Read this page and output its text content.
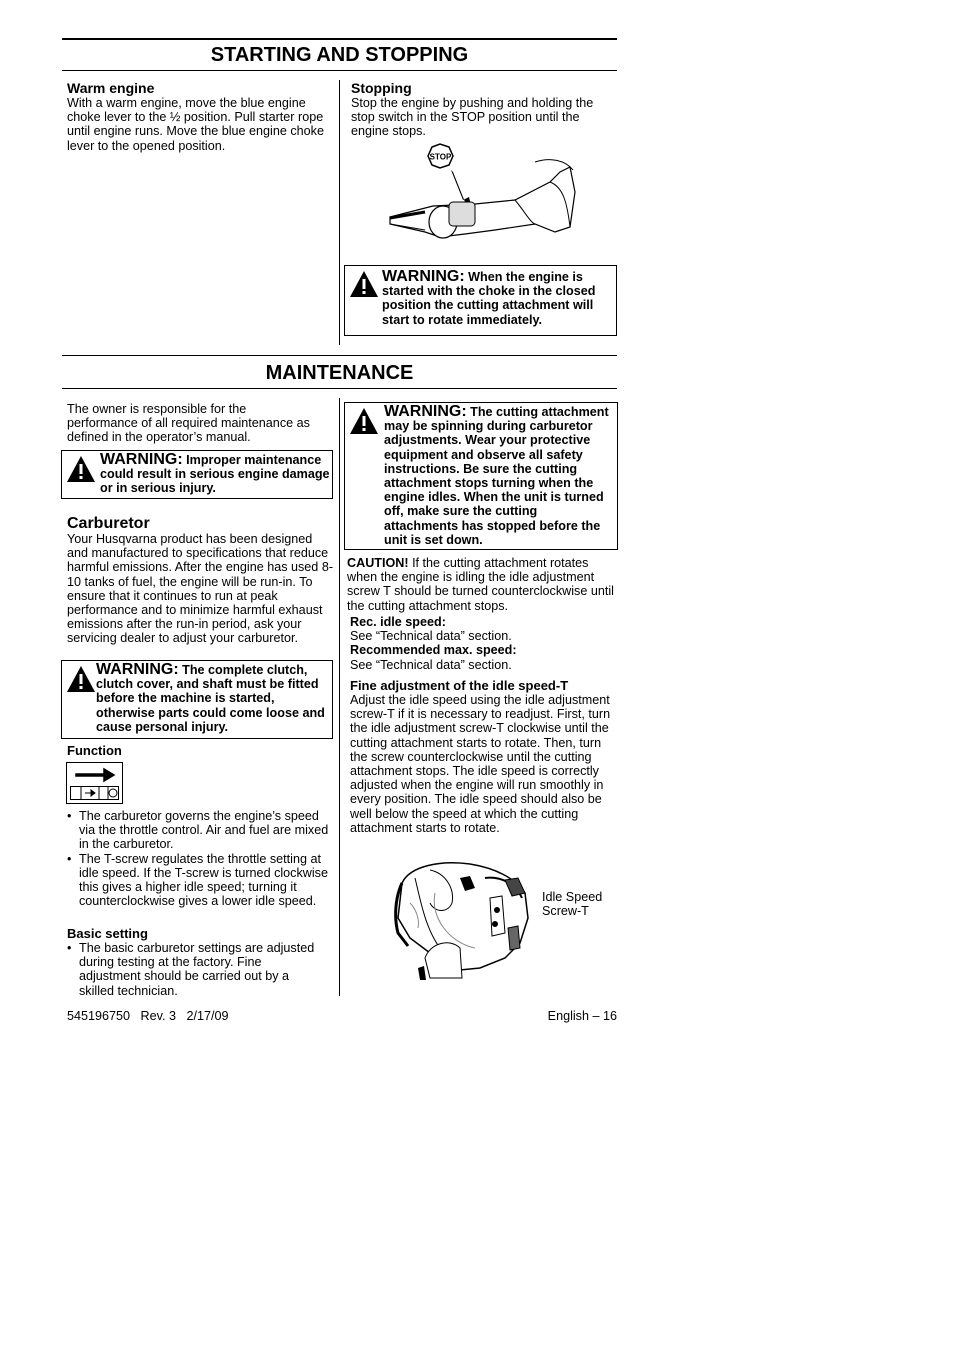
STARTING AND STOPPING
Warm engine

With a warm engine, move the blue engine choke lever to the ½ position. Pull starter rope until engine runs. Move the blue engine choke lever to the opened position.

Stopping

Stop the engine by pushing and holding the stop switch in the STOP position until the engine stops.

STOP
WARNING: When the engine is started with the choke in the closed position the cutting attachment will start to rotate immediately.
MAINTENANCE

The owner is responsible for the performance of all required maintenance as defined in the operator’s manual.

WARNING: Improper maintenance could result in serious engine damage or in serious injury.
Carburetor

Your Husqvarna product has been designed and manufactured to specifications that reduce harmful emissions. After the engine has used 8-10 tanks of fuel, the engine will be run-in. To ensure that it continues to run at peak performance and to minimize harmful exhaust emissions after the run-in period, ask your servicing dealer to adjust your carburetor.

WARNING: The complete clutch, clutch cover, and shaft must be fitted before the machine is started, otherwise parts could come loose and cause personal injury.
Function
• The carburetor governs the engine’s speed via the throttle control. Air and fuel are mixed in the carburetor.
• The T-screw regulates the throttle setting at idle speed. If the T-screw is turned clockwise this gives a higher idle speed; turning it counterclockwise gives a lower idle speed.
Basic setting
• The basic carburetor settings are adjusted during testing at the factory. Fine adjustment should be carried out by a skilled technician.
WARNING: The cutting attachment may be spinning during carburetor adjustments. Wear your protective equipment and observe all safety instructions. Be sure the cutting attachment stops turning when the engine idles. When the unit is turned off, make sure the cutting attachments has stopped before the unit is set down.

CAUTION! If the cutting attachment rotates when the engine is idling the idle adjustment screw T should be turned counterclockwise until the cutting attachment stops.

Rec. idle speed:
See “Technical data” section.
Recommended max. speed:
See “Technical data” section.
Fine adjustment of the idle speed-T

Adjust the idle speed using the idle adjustment screw-T if it is necessary to readjust. First, turn the idle adjustment screw-T clockwise until the cutting attachment starts to rotate. Then, turn the screw counterclockwise until the cutting attachment stops. The idle speed is correctly adjusted when the engine will run smoothly in every position. The idle speed should also be well below the speed at which the cutting attachment starts to rotate.

Idle Speed
Screw-T
545196750   Rev. 3   2/17/09	English – 16
